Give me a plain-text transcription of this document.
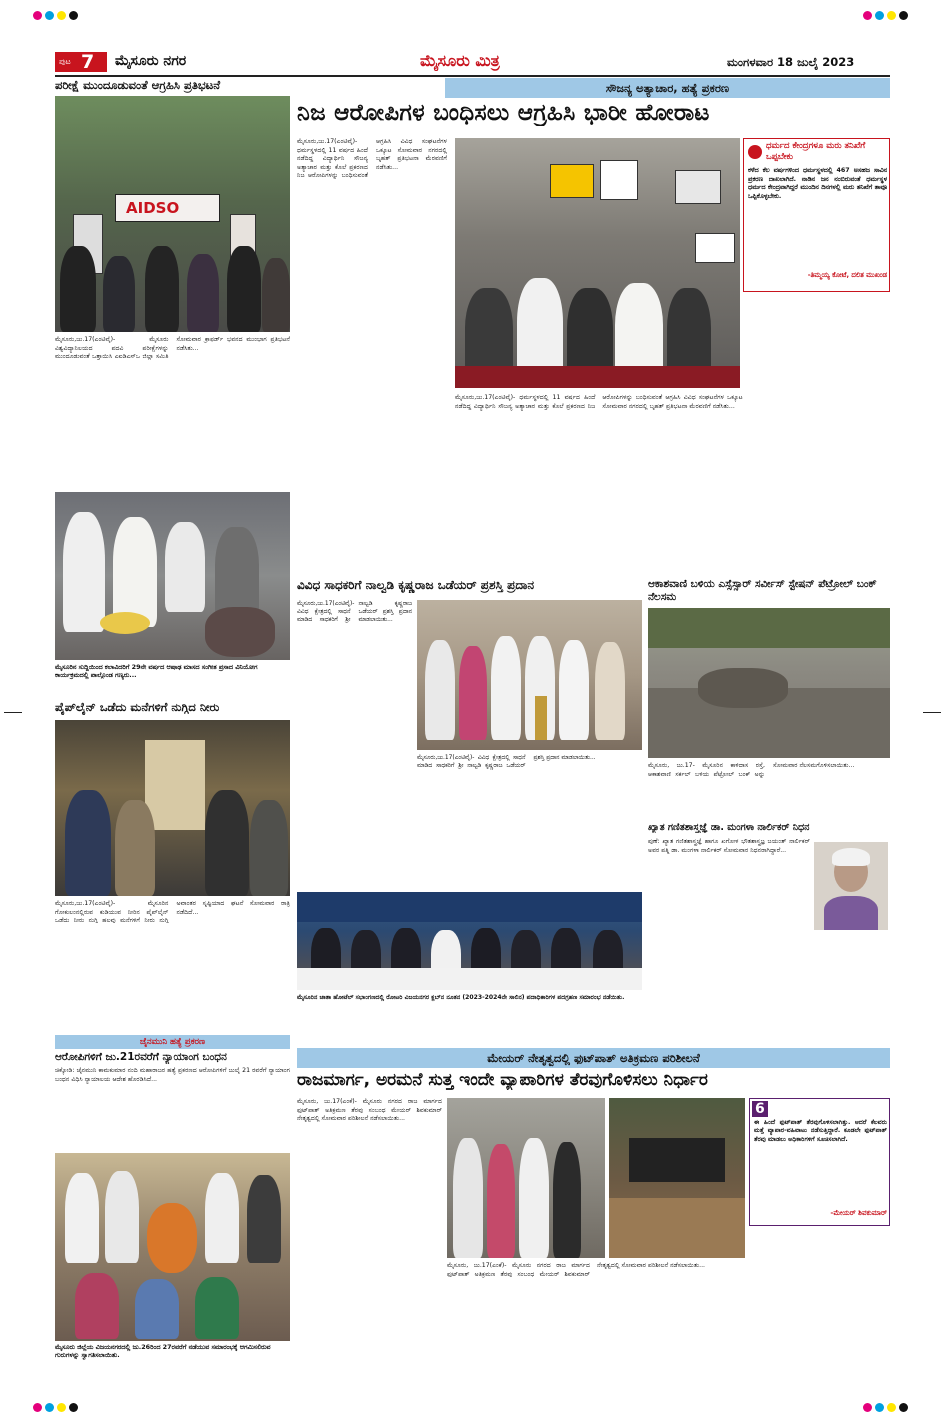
ಪುಟ 7 ಮೈಸೂರು ನಗರ	ಮೈಸೂರು ಮಿತ್ರ	ಮಂಗಳವಾರ 18 ಜುಲೈ 2023
ಪರೀಕ್ಷೆ ಮುಂದೂಡುವಂತೆ ಆಗ್ರಹಿಸಿ ಪ್ರತಿಭಟನೆ
AIDSO

ಮೈಸೂರು,ಜು.17(ಎಂಟಿವೈ)- ಮೈಸೂರು ವಿಶ್ವವಿದ್ಯಾನಿಲಯದ ಪದವಿ ಪರೀಕ್ಷೆಗಳನ್ನು ಮುಂದೂಡುವಂತೆ ಒತ್ತಾಯಿಸಿ ಎಐಡಿಎಸ್‌ಒ ಜಿಲ್ಲಾ ಸಮಿತಿ ಸೋಮವಾರ ಕ್ರಾಫರ್ಡ್ ಭವನದ ಮುಂಭಾಗ ಪ್ರತಿಭಟನೆ ನಡೆಸಿತು...

ಸೌಜನ್ಯ ಅತ್ಯಾಚಾರ, ಹತ್ಯೆ ಪ್ರಕರಣ
ನಿಜ ಆರೋಪಿಗಳ ಬಂಧಿಸಲು ಆಗ್ರಹಿಸಿ ಭಾರೀ ಹೋರಾಟ

ಮೈಸೂರು,ಜು.17(ಎಂಟಿವೈ)- ಧರ್ಮಸ್ಥಳದಲ್ಲಿ 11 ವರ್ಷದ ಹಿಂದೆ ನಡೆದಿದ್ದ ವಿದ್ಯಾರ್ಥಿನಿ ಸೌಜನ್ಯ ಅತ್ಯಾಚಾರ ಮತ್ತು ಕೊಲೆ ಪ್ರಕರಣದ ನಿಜ ಆರೋಪಿಗಳನ್ನು ಬಂಧಿಸುವಂತೆ ಆಗ್ರಹಿಸಿ ವಿವಿಧ ಸಂಘಟನೆಗಳ ಒಕ್ಕೂಟ ಸೋಮವಾರ ನಗರದಲ್ಲಿ ಬೃಹತ್ ಪ್ರತಿಭಟನಾ ಮೆರವಣಿಗೆ ನಡೆಸಿತು...

ಧರ್ಮದ ಕೇಂದ್ರಗಳೂ ಮರು ತನಿಖೆಗೆ ಒಪ್ಪಬೇಕು
ಕಳೆದ ಕೆಲ ವರ್ಷಗಳಿಂದ ಧರ್ಮಸ್ಥಳದಲ್ಲಿ 467 ಅಸಹಜ ಸಾವಿನ ಪ್ರಕರಣ ದಾಖಲಾಗಿದೆ. ನಾಡಿನ ಜನ ನಂಬಿರುವಂತೆ ಧರ್ಮಸ್ಥಳ ಧರ್ಮದ ಕೇಂದ್ರವಾಗಿದ್ದರೆ ಮುಂದಿನ ದಿನಗಳಲ್ಲಿ ಮರು ತನಿಖೆಗೆ ತಾವೂ ಒಪ್ಪಿಕೊಳ್ಳಬೇಕು.
-ತಿಮ್ಮಯ್ಯ ಕೋಟೆ, ದಲಿತ ಮುಖಂಡ

ಮೈಸೂರು,ಜು.17(ಎಂಟಿವೈ)- ಧರ್ಮಸ್ಥಳದಲ್ಲಿ 11 ವರ್ಷದ ಹಿಂದೆ ನಡೆದಿದ್ದ ವಿದ್ಯಾರ್ಥಿನಿ ಸೌಜನ್ಯ ಅತ್ಯಾಚಾರ ಮತ್ತು ಕೊಲೆ ಪ್ರಕರಣದ ನಿಜ ಆರೋಪಿಗಳನ್ನು ಬಂಧಿಸುವಂತೆ ಆಗ್ರಹಿಸಿ ವಿವಿಧ ಸಂಘಟನೆಗಳ ಒಕ್ಕೂಟ ಸೋಮವಾರ ನಗರದಲ್ಲಿ ಬೃಹತ್ ಪ್ರತಿಭಟನಾ ಮೆರವಣಿಗೆ ನಡೆಸಿತು...

ಮೈಸೂರಿನ ಸುದ್ದಿಯಿಂದ ಕಲಾವಿದರಿಗೆ 29ನೇ ವರ್ಷದ ಆಷಾಢ ಮಾಸದ ಸಂಗೀತ ಪ್ರಸಾದ ವಿನಿಯೋಗ ಕಾರ್ಯಕ್ರಮದಲ್ಲಿ ಪಾಲ್ಗೊಂಡ ಗಣ್ಯರು...

ಪೈಪ್‌ಲೈನ್ ಒಡೆದು ಮನೆಗಳಿಗೆ ನುಗ್ಗಿದ ನೀರು

ಮೈಸೂರು,ಜು.17(ಎಂಟಿವೈ)- ಮೈಸೂರಿನ ಗೋಕುಲಂನಲ್ಲಿರುವ ಕುಡಿಯುವ ನೀರಿನ ಪೈಪ್‌ಲೈನ್ ಒಡೆದು ನೀರು ನುಗ್ಗಿ ಹಲವು ಮನೆಗಳಿಗೆ ನೀರು ನುಗ್ಗಿ ಅವಾಂತರ ಸೃಷ್ಟಿಯಾದ ಘಟನೆ ಸೋಮವಾರ ರಾತ್ರಿ ನಡೆದಿದೆ...

ಜೈನಮುನಿ ಹತ್ಯೆ ಪ್ರಕರಣ
ಆರೋಪಿಗಳಿಗೆ ಜು.21ರವರೆಗೆ ನ್ಯಾಯಾಂಗ ಬಂಧನ

ಚಿಕ್ಕೋಡಿ: ಜೈನಮುನಿ ಕಾಮಕುಮಾರ ನಂದಿ ಮಹಾರಾಜರ ಹತ್ಯೆ ಪ್ರಕರಣದ ಆರೋಪಿಗಳಿಗೆ ಜುಲೈ 21 ರವರೆಗೆ ನ್ಯಾಯಾಂಗ ಬಂಧನ ವಿಧಿಸಿ ನ್ಯಾಯಾಲಯ ಆದೇಶ ಹೊರಡಿಸಿದೆ...

ಮೈಸೂರು ಜಿಲ್ಲೆಯ ವಿಜಯನಗರದಲ್ಲಿ ಜು.26ರಿಂದ 27ರವರೆಗೆ ನಡೆಯುವ ಸಮಾರಂಭಕ್ಕೆ ಆಗಮಿಸಲಿರುವ ಗುರುಗಳನ್ನು ಸ್ವಾಗತಿಸಲಾಯಿತು.

ವಿವಿಧ ಸಾಧಕರಿಗೆ ನಾಲ್ವಡಿ ಕೃಷ್ಣರಾಜ ಒಡೆಯರ್ ಪ್ರಶಸ್ತಿ ಪ್ರದಾನ

ಮೈಸೂರು,ಜು.17(ಎಂಟಿವೈ)- ವಿವಿಧ ಕ್ಷೇತ್ರದಲ್ಲಿ ಸಾಧನೆ ಮಾಡಿದ ಸಾಧಕರಿಗೆ ಶ್ರೀ ನಾಲ್ವಡಿ ಕೃಷ್ಣರಾಜ ಒಡೆಯರ್ ಪ್ರಶಸ್ತಿ ಪ್ರದಾನ ಮಾಡಲಾಯಿತು...

ಮೈಸೂರು,ಜು.17(ಎಂಟಿವೈ)- ವಿವಿಧ ಕ್ಷೇತ್ರದಲ್ಲಿ ಸಾಧನೆ ಮಾಡಿದ ಸಾಧಕರಿಗೆ ಶ್ರೀ ನಾಲ್ವಡಿ ಕೃಷ್ಣರಾಜ ಒಡೆಯರ್ ಪ್ರಶಸ್ತಿ ಪ್ರದಾನ ಮಾಡಲಾಯಿತು...

ಮೈಸೂರಿನ ಜಾತಾ ಹೋಟೆಲ್ ಸಭಾಂಗಣದಲ್ಲಿ ರೋಟರಿ ವಿಜಯನಗರ ಕ್ಲಬ್‌ನ ನೂತನ (2023-2024ನೇ ಸಾಲಿನ) ಪದಾಧಿಕಾರಿಗಳ ಪದಗ್ರಹಣ ಸಮಾರಂಭ ನಡೆಯಿತು.

ಆಕಾಶವಾಣಿ ಬಳಿಯ ಎಸ್ಸೆಸ್ಸಾರ್ ಸರ್ವೀಸ್ ಸ್ಟೇಷನ್ ಪೆಟ್ರೋಲ್ ಬಂಕ್ ನೆಲಸಮ

ಮೈಸೂರು, ಜು.17- ಮೈಸೂರಿನ ಕಾಳಿದಾಸ ರಸ್ತೆ, ಆಕಾಶವಾಣಿ ಸರ್ಕಲ್ ಬಳಿಯ ಪೆಟ್ರೋಲ್ ಬಂಕ್ ಅನ್ನು ಸೋಮವಾರ ನೆಲಸಮಗೊಳಿಸಲಾಯಿತು...

ಖ್ಯಾತ ಗಣಿತಶಾಸ್ತ್ರಜ್ಞೆ ಡಾ. ಮಂಗಳಾ ನಾರ್ಲಿಕರ್ ನಿಧನ

ಪುಣೆ: ಖ್ಯಾತ ಗಣಿತಶಾಸ್ತ್ರಜ್ಞೆ ಹಾಗೂ ಖಗೋಳ ಭೌತಶಾಸ್ತ್ರಜ್ಞ ಜಯಂತ್ ನಾರ್ಲಿಕರ್ ಅವರ ಪತ್ನಿ ಡಾ. ಮಂಗಳಾ ನಾರ್ಲಿಕರ್ ಸೋಮವಾರ ನಿಧನರಾಗಿದ್ದಾರೆ...

ಮೇಯರ್ ನೇತೃತ್ವದಲ್ಲಿ ಫುಟ್‌ಪಾತ್ ಅತಿಕ್ರಮಣ ಪರಿಶೀಲನೆ
ರಾಜಮಾರ್ಗ, ಅರಮನೆ ಸುತ್ತ ಇಂದೇ ವ್ಯಾಪಾರಿಗಳ ತೆರವುಗೊಳಿಸಲು ನಿರ್ಧಾರ

ಮೈಸೂರು, ಜು.17(ಎಂಕೆ)- ಮೈಸೂರು ನಗರದ ರಾಜ ಮಾರ್ಗದ ಫುಟ್‌ಪಾತ್ ಅತಿಕ್ರಮಣ ತೆರವು ಸಂಬಂಧ ಮೇಯರ್ ಶಿವಕುಮಾರ್ ನೇತೃತ್ವದಲ್ಲಿ ಸೋಮವಾರ ಪರಿಶೀಲನೆ ನಡೆಸಲಾಯಿತು...

6
ಈ ಹಿಂದೆ ಫುಟ್‌ಪಾತ್ ತೆರವುಗೊಳಿಸಲಾಗಿತ್ತು. ಆದರೆ ಕೆಲವರು ಮತ್ತೆ ವ್ಯಾಪಾರ-ವಹಿವಾಟು ನಡೆಸುತ್ತಿದ್ದಾರೆ. ಕೂಡಲೇ ಫುಟ್‌ಪಾತ್ ತೆರವು ಮಾಡಲು ಅಧಿಕಾರಿಗಳಿಗೆ ಸೂಚಿಸಲಾಗಿದೆ.
-ಮೇಯರ್ ಶಿವಕುಮಾರ್

ಮೈಸೂರು, ಜು.17(ಎಂಕೆ)- ಮೈಸೂರು ನಗರದ ರಾಜ ಮಾರ್ಗದ ಫುಟ್‌ಪಾತ್ ಅತಿಕ್ರಮಣ ತೆರವು ಸಂಬಂಧ ಮೇಯರ್ ಶಿವಕುಮಾರ್ ನೇತೃತ್ವದಲ್ಲಿ ಸೋಮವಾರ ಪರಿಶೀಲನೆ ನಡೆಸಲಾಯಿತು...
